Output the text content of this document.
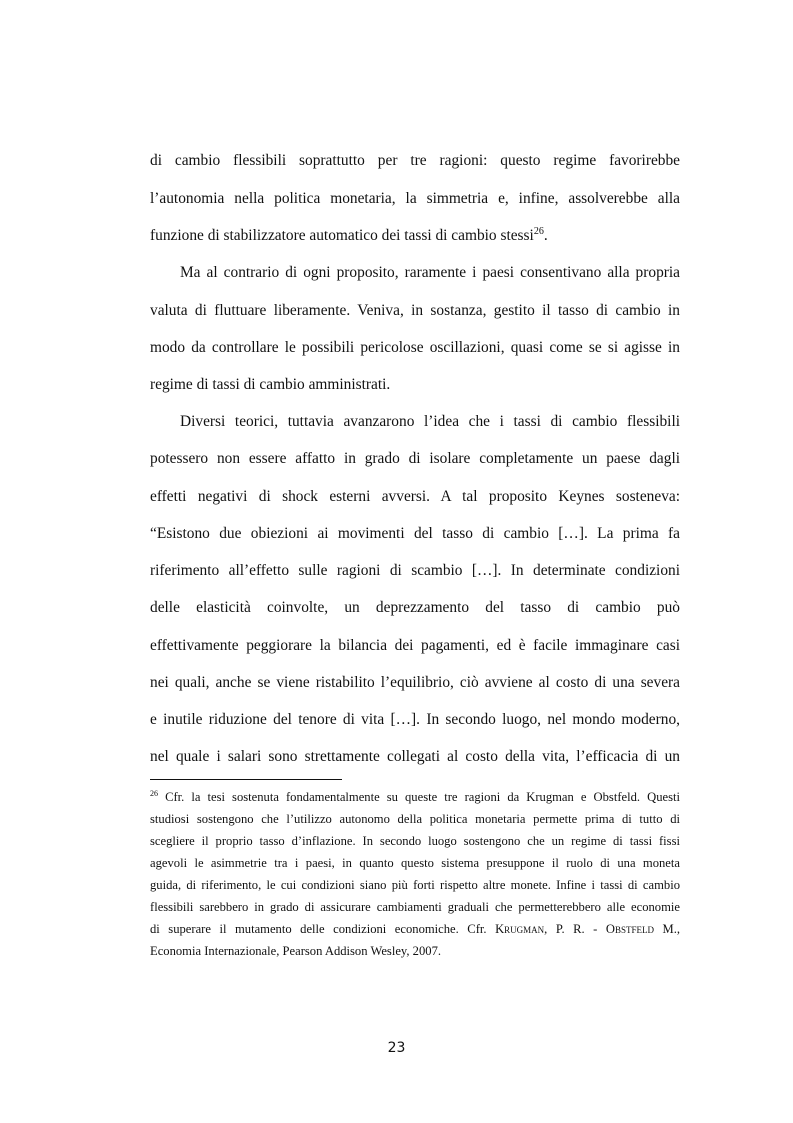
di cambio flessibili soprattutto per tre ragioni: questo regime favorirebbe
l’autonomia nella politica monetaria, la simmetria e, infine, assolverebbe alla
funzione di stabilizzatore automatico dei tassi di cambio stessi$^{26}$.
Ma al contrario di ogni proposito, raramente i paesi consentivano alla propria
valuta di fluttuare liberamente. Veniva, in sostanza, gestito il tasso di cambio in
modo da controllare le possibili pericolose oscillazioni, quasi come se si agisse in
regime di tassi di cambio amministrati.
Diversi teorici, tuttavia avanzarono l’idea che i tassi di cambio flessibili
potessero non essere affatto in grado di isolare completamente un paese dagli
effetti negativi di shock esterni avversi. A tal proposito Keynes sosteneva:
“Esistono due obiezioni ai movimenti del tasso di cambio […]. La prima fa
riferimento all’effetto sulle ragioni di scambio […]. In determinate condizioni
delle elasticità coinvolte, un deprezzamento del tasso di cambio può
effettivamente peggiorare la bilancia dei pagamenti, ed è facile immaginare casi
nei quali, anche se viene ristabilito l’equilibrio, ciò avviene al costo di una severa
e inutile riduzione del tenore di vita […]. In secondo luogo, nel mondo moderno,
nel quale i salari sono strettamente collegati al costo della vita, l’efficacia di un
$^{26}$ Cfr. la tesi sostenuta fondamentalmente su queste tre ragioni da Krugman e Obstfeld. Questi
studiosi sostengono che l’utilizzo autonomo della politica monetaria permette prima di tutto di
scegliere il proprio tasso d’inflazione. In secondo luogo sostengono che un regime di tassi fissi
agevoli le asimmetrie tra i paesi, in quanto questo sistema presuppone il ruolo di una moneta
guida, di riferimento, le cui condizioni siano più forti rispetto altre monete. Infine i tassi di cambio
flessibili sarebbero in grado di assicurare cambiamenti graduali che permetterebbero alle economie
di superare il mutamento delle condizioni economiche. Cfr. Krugman, P. R. - Obstfeld M.,
Economia Internazionale, Pearson Addison Wesley, 2007.
23
